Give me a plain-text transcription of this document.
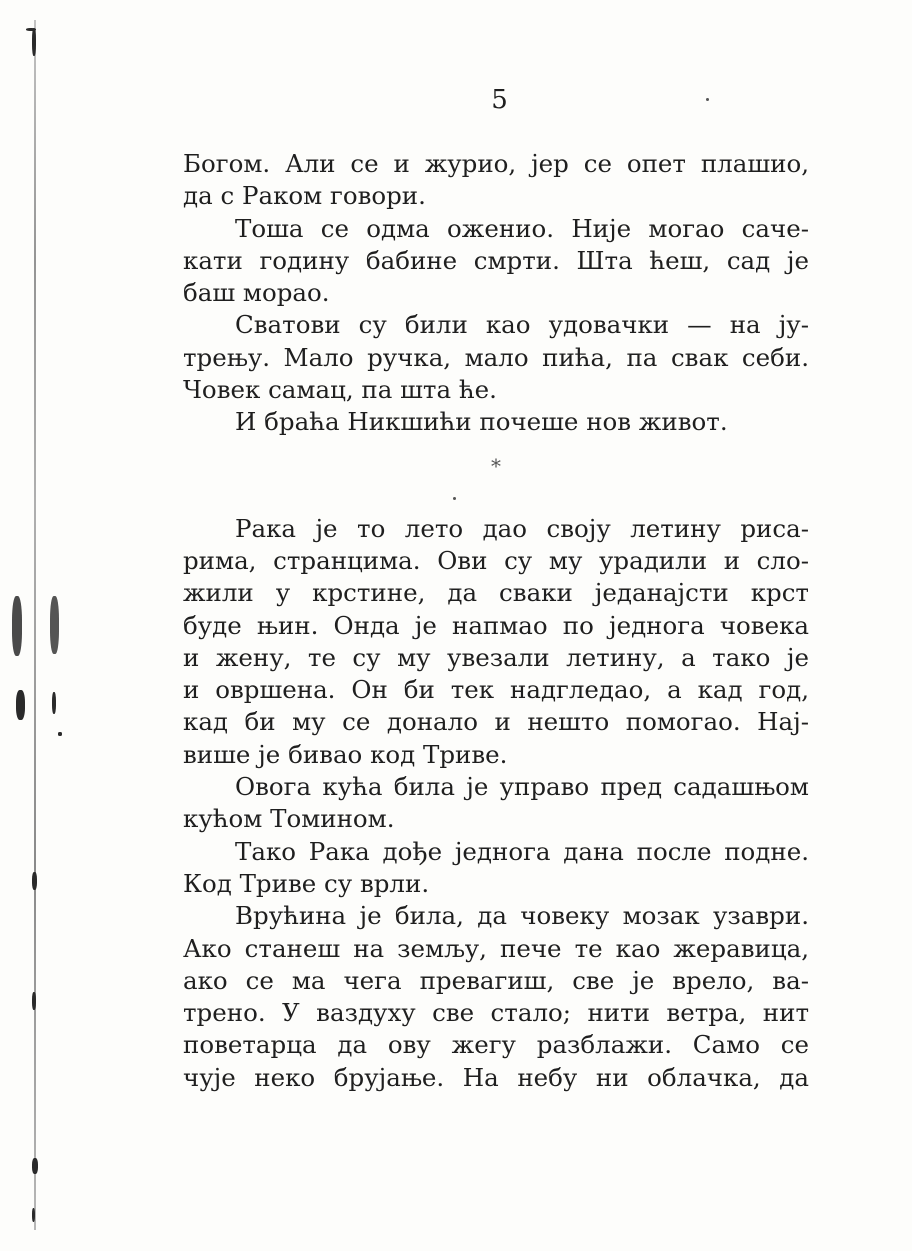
5
Богом. Али се и журио, јер се опет плашио,
да с Раком говори.
Тоша се одма оженио. Није могао саче-
кати годину бабине смрти. Шта ћеш, сад је
баш морао.
Сватови су били као удовачки — на ју-
трењу. Мало ручка, мало пића, па свак себи.
Човек самац, па шта ће.
И браћа Никшићи почеше нов живот.
*
Рака је то лето дао своју летину риса-
рима, странцима. Ови су му урадили и сло-
жили у крстине, да сваки једанаjсти крст
буде њин. Онда је напмао по једнога човека
и жену, те су му увезали летину, а тако је
и овршена. Он би тек надгледао, а кад год,
кад би му се донало и нешто помогао. Нај-
више је бивао код Триве.
Овога кућа била је управо пред садашњом
кућом Томином.
Тако Рака дође једнога дана после подне.
Код Триве су врли.
Врућина је била, да човеку мозак узаври.
Ако станеш на земљу, пече те као жеравица,
ако се ма чега превагиш, све је врело, ва-
трено. У ваздуху све стало; нити ветра, нит
поветарца да ову жегу разблажи. Само се
чује неко брујање. На небу ни облачка, да
